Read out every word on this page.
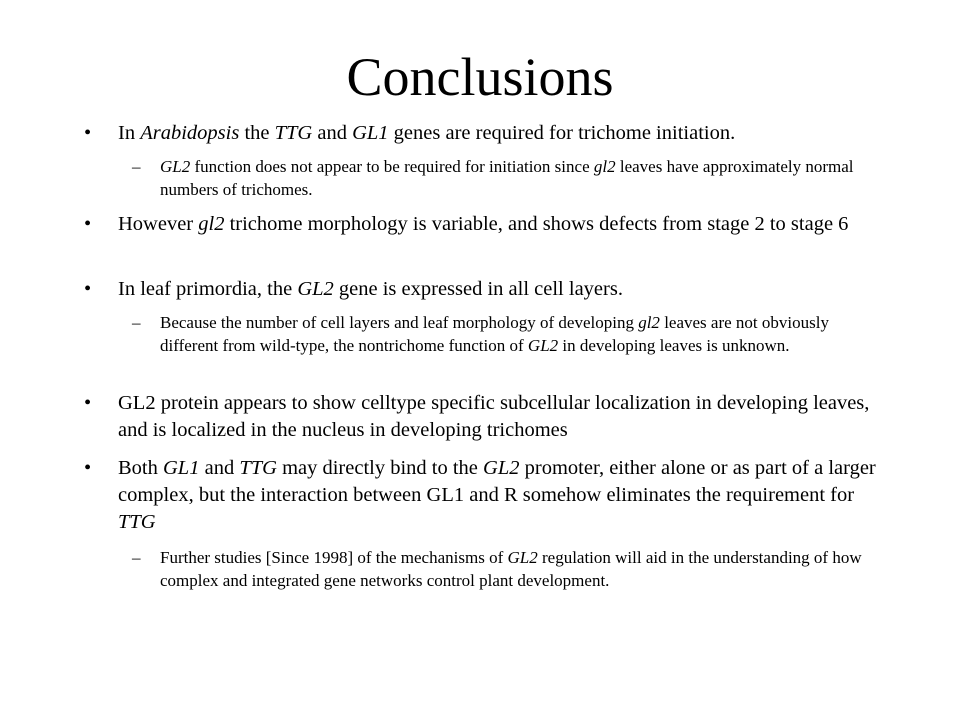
Conclusions
• In Arabidopsis the TTG and GL1 genes are required for trichome initiation.
– GL2 function does not appear to be required for initiation since gl2 leaves have approximately normal numbers of trichomes.
• However gl2 trichome morphology is variable, and shows defects from stage 2 to stage 6
• In leaf primordia, the GL2 gene is expressed in all cell layers.
– Because the number of cell layers and leaf morphology of developing gl2 leaves are not obviously different from wild-type, the nontrichome function of GL2 in developing leaves is unknown.
• GL2 protein appears to show celltype specific subcellular localization in developing leaves, and is localized in the nucleus in developing trichomes
• Both GL1 and TTG may directly bind to the GL2 promoter, either alone or as part of a larger complex, but the interaction between GL1 and R somehow eliminates the requirement for TTG
– Further studies [Since 1998] of the mechanisms of GL2 regulation will aid in the understanding of how complex and integrated gene networks control plant development.
